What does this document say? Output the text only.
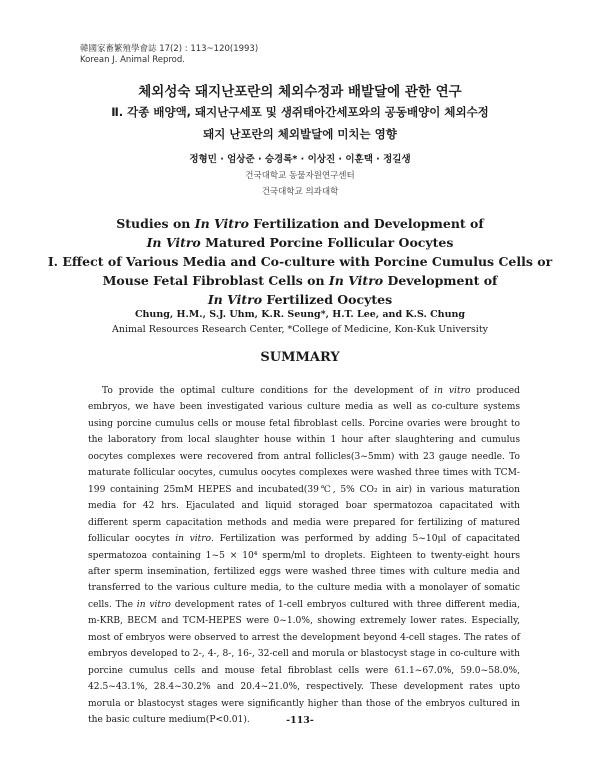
韓國家畜繁殖學會誌 17(2) : 113~120(1993)
Korean J. Animal Reprod.
체외성숙 돼지난포란의 체외수정과 배발달에 관한 연구
Ⅱ. 각종 배양액, 돼지난구세포 및 생쥐태아간세포와의 공동배양이 체외수정
돼지 난포란의 체외발달에 미치는 영향
정형민 · 엄상준 · 승경록* · 이상진 · 이훈택 · 정길생
건국대학교 동물자원연구센터
건국대학교 의과대학
Studies on In Vitro Fertilization and Development of
In Vitro Matured Porcine Follicular Oocytes
Ⅰ. Effect of Various Media and Co-culture with Porcine Cumulus Cells or
Mouse Fetal Fibroblast Cells on In Vitro Development of
In Vitro Fertilized Oocytes
Chung, H.M., S.J. Uhm, K.R. Seung*, H.T. Lee, and K.S. Chung
Animal Resources Research Center, *College of Medicine, Kon-Kuk University
SUMMARY

To provide the optimal culture conditions for the development of in vitro produced embryos, we have been investigated various culture media as well as co-culture systems using porcine cumulus cells or mouse fetal fibroblast cells. Porcine ovaries were brought to the laboratory from local slaughter house within 1 hour after slaughtering and cumulus oocytes complexes were recovered from antral follicles(3~5mm) with 23 gauge needle. To maturate follicular oocytes, cumulus oocytes complexes were washed three times with TCM-199 containing 25mM HEPES and incubated(39℃, 5% CO₂ in air) in various maturation media for 42 hrs. Ejaculated and liquid storaged boar spermatozoa capacitated with different sperm capacitation methods and media were prepared for fertilizing of matured follicular oocytes in vitro. Fertilization was performed by adding 5~10μl of capacitated spermatozoa containing 1~5 × 10⁴ sperm/ml to droplets. Eighteen to twenty-eight hours after sperm insemination, fertilized eggs were washed three times with culture media and transferred to the various culture media, to the culture media with a monolayer of somatic cells. The in vitro development rates of 1-cell embryos cultured with three different media, m-KRB, BECM and TCM-HEPES were 0~1.0%, showing extremely lower rates. Especially, most of embryos were observed to arrest the development beyond 4-cell stages. The rates of embryos developed to 2-, 4-, 8-, 16-, 32-cell and morula or blastocyst stage in co-culture with porcine cumulus cells and mouse fetal fibroblast cells were 61.1~67.0%, 59.0~58.0%, 42.5~43.1%, 28.4~30.2% and 20.4~21.0%, respectively. These development rates upto morula or blastocyst stages were significantly higher than those of the embryos cultured in the basic culture medium(P<0.01).	-113-
